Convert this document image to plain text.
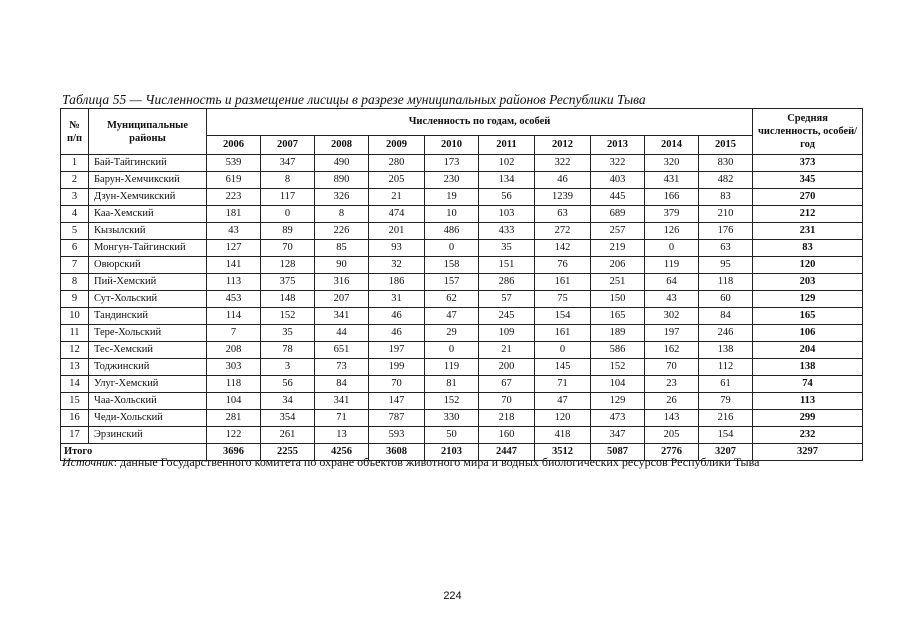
Таблица 55 — Численность и размещение лисицы в разрезе муниципальных районов Республики Тыва
№ п/п	Муниципальные районы	Численность по годам, особей										Средняя численность, особей/год
		2006	2007	2008	2009	2010	2011	2012	2013	2014	2015	
1	Бай-Тайгинский	539	347	490	280	173	102	322	322	320	830	373
2	Барун-Хемчикский	619	8	890	205	230	134	46	403	431	482	345
3	Дзун-Хемчикский	223	117	326	21	19	56	1239	445	166	83	270
4	Каа-Хемский	181	0	8	474	10	103	63	689	379	210	212
5	Кызылский	43	89	226	201	486	433	272	257	126	176	231
6	Монгун-Тайгинский	127	70	85	93	0	35	142	219	0	63	83
7	Овюрский	141	128	90	32	158	151	76	206	119	95	120
8	Пий-Хемский	113	375	316	186	157	286	161	251	64	118	203
9	Сут-Хольский	453	148	207	31	62	57	75	150	43	60	129
10	Тандинский	114	152	341	46	47	245	154	165	302	84	165
11	Тере-Хольский	7	35	44	46	29	109	161	189	197	246	106
12	Тес-Хемский	208	78	651	197	0	21	0	586	162	138	204
13	Тоджинский	303	3	73	199	119	200	145	152	70	112	138
14	Улуг-Хемский	118	56	84	70	81	67	71	104	23	61	74
15	Чаа-Хольский	104	34	341	147	152	70	47	129	26	79	113
16	Чеди-Хольский	281	354	71	787	330	218	120	473	143	216	299
17	Эрзинский	122	261	13	593	50	160	418	347	205	154	232
Итого		3696	2255	4256	3608	2103	2447	3512	5087	2776	3207	3297
Источник: данные Государственного комитета по охране объектов животного мира и водных биологических ресурсов Республики Тыва
224
